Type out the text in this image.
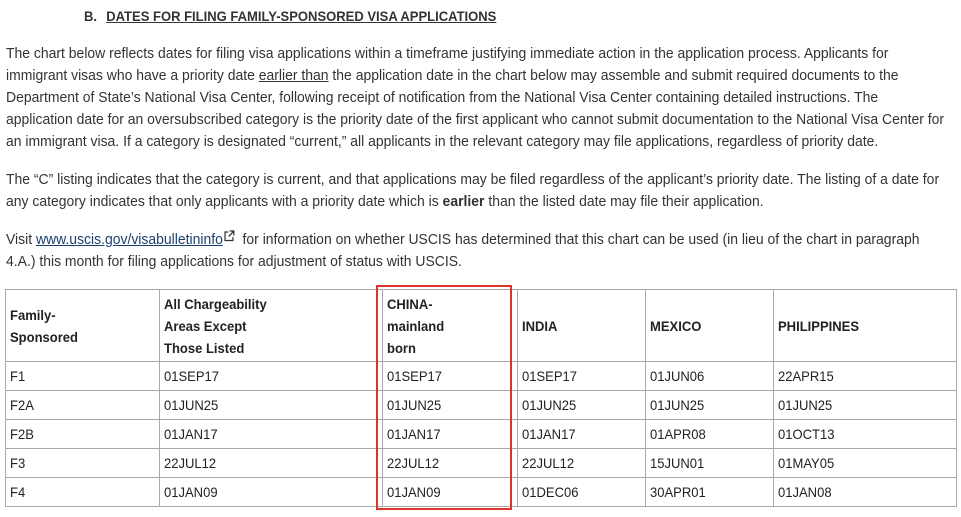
B. DATES FOR FILING FAMILY-SPONSORED VISA APPLICATIONS

The chart below reflects dates for filing visa applications within a timeframe justifying immediate action in the application process. Applicants for immigrant visas who have a priority date earlier than the application date in the chart below may assemble and submit required documents to the Department of State’s National Visa Center, following receipt of notification from the National Visa Center containing detailed instructions. The application date for an oversubscribed category is the priority date of the first applicant who cannot submit documentation to the National Visa Center for an immigrant visa. If a category is designated “current,” all applicants in the relevant category may file applications, regardless of priority date.

The “C” listing indicates that the category is current, and that applications may be filed regardless of the applicant’s priority date. The listing of a date for any category indicates that only applicants with a priority date which is earlier than the listed date may file their application.

Visit www.uscis.gov/visabulletininfo for information on whether USCIS has determined that this chart can be used (in lieu of the chart in paragraph 4.A.) this month for filing applications for adjustment of status with USCIS.

Family-Sponsored	All Chargeability Areas Except Those Listed	CHINA-mainland born	INDIA	MEXICO	PHILIPPINES
F1	01SEP17	01SEP17	01SEP17	01JUN06	22APR15
F2A	01JUN25	01JUN25	01JUN25	01JUN25	01JUN25
F2B	01JAN17	01JAN17	01JAN17	01APR08	01OCT13
F3	22JUL12	22JUL12	22JUL12	15JUN01	01MAY05
F4	01JAN09	01JAN09	01DEC06	30APR01	01JAN08
